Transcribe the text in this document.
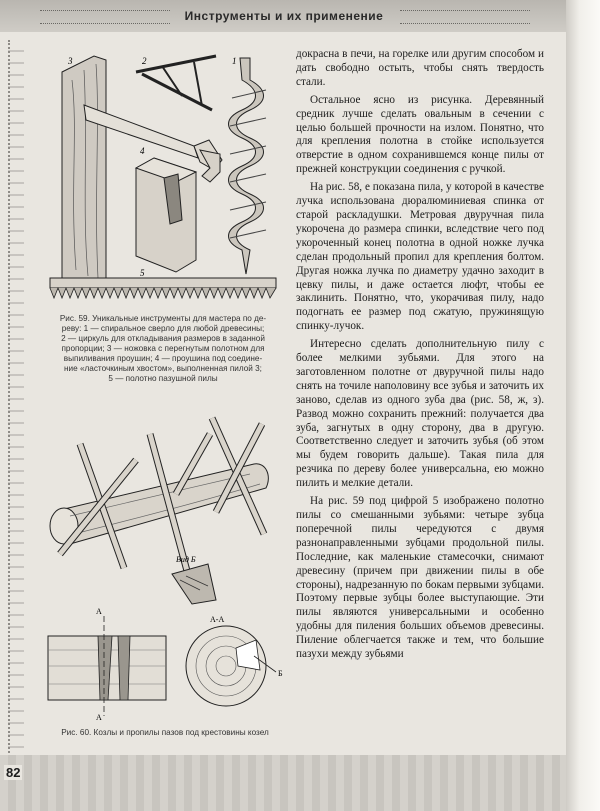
Инструменты и их применение
3	2	1
4
5

Рис. 59. Уникальные инструменты для мастера по де-

реву: 1 — спиральное сверло для любой древесины;

2 — циркуль для откладывания размеров в заданной

пропорции; 3 — ножовка с перегнутым полотном для

выпиливания проушин; 4 — проушина под соедине-

ние «ласточкиным хвостом», выполненная пилой 3;

5 — полотно пазушной пилы

Вид Б
А
А
А-А
Б

Рис. 60. Козлы и пропилы пазов под крестовины козел

докрасна в печи, на горелке или другим способом и дать свободно остыть, чтобы снять твердость стали.

Остальное ясно из рисунка. Деревянный средник лучше сделать овальным в сечении с целью большей прочности на излом. Понятно, что для крепления полотна в стойке используется отверстие в одном сохранившемся конце пилы от прежней конструкции соединения с ручкой.

На рис. 58, е показана пила, у которой в качестве лучка использована дюралюминиевая спинка от старой раскладушки. Метровая двуручная пила укорочена до размера спинки, вследствие чего под укороченный конец полотна в одной ножке лучка сделан продольный пропил для крепления болтом. Другая ножка лучка по диаметру удачно заходит в цевку пилы, и даже остается люфт, чтобы ее заклинить. Понятно, что, укорачивая пилу, надо подогнать ее размер под сжатую, пружинящую спинку-лучок.

Интересно сделать дополнительную пилу с более мелкими зубьями. Для этого на заготовленном полотне от двуручной пилы надо снять на точиле наполовину все зубья и заточить их заново, сделав из одного зуба два (рис. 58, ж, з). Развод можно сохранить прежний: получается два зуба, загнутых в одну сторону, два в другую. Соответственно следует и заточить зубья (об этом мы будем говорить дальше). Такая пила для резчика по дереву более универсальна, ею можно пилить и мелкие детали.

На рис. 59 под цифрой 5 изображено полотно пилы со смешанными зубьями: четыре зубца поперечной пилы чередуются с двумя разнонаправленными зубцами продольной пилы. Последние, как маленькие стамесочки, снимают древесину (причем при движении пилы в обе стороны), надрезанную по бокам первыми зубцами. Поэтому первые зубцы более выступающие. Эти пилы являются универсальными и особенно удобны для пиления больших объемов древесины. Пиление облегчается также и тем, что большие пазухи между зубьями

82
